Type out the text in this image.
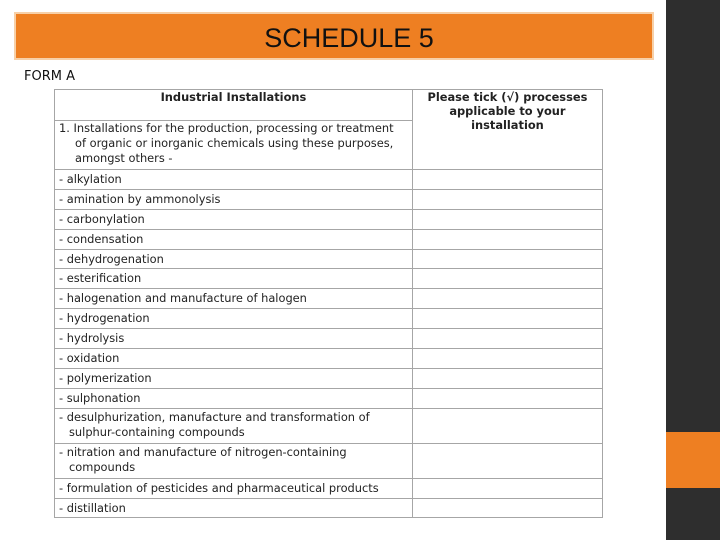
SCHEDULE 5
FORM A
Industrial Installations	Please tick (√) processes
applicable to your installation
1. Installations for the production, processing or treatment
of organic or inorganic chemicals using these purposes,
amongst others -	

- alkylation	
- amination by ammonolysis	
- carbonylation	
- condensation	
- dehydrogenation	
- esterification	
- halogenation and manufacture of halogen	
- hydrogenation	
- hydrolysis	
- oxidation	
- polymerization	
- sulphonation	
- desulphurization, manufacture and transformation of
sulphur-containing compounds	

- nitration and manufacture of nitrogen-containing
compounds	

- formulation of pesticides and pharmaceutical products	
- distillation	
